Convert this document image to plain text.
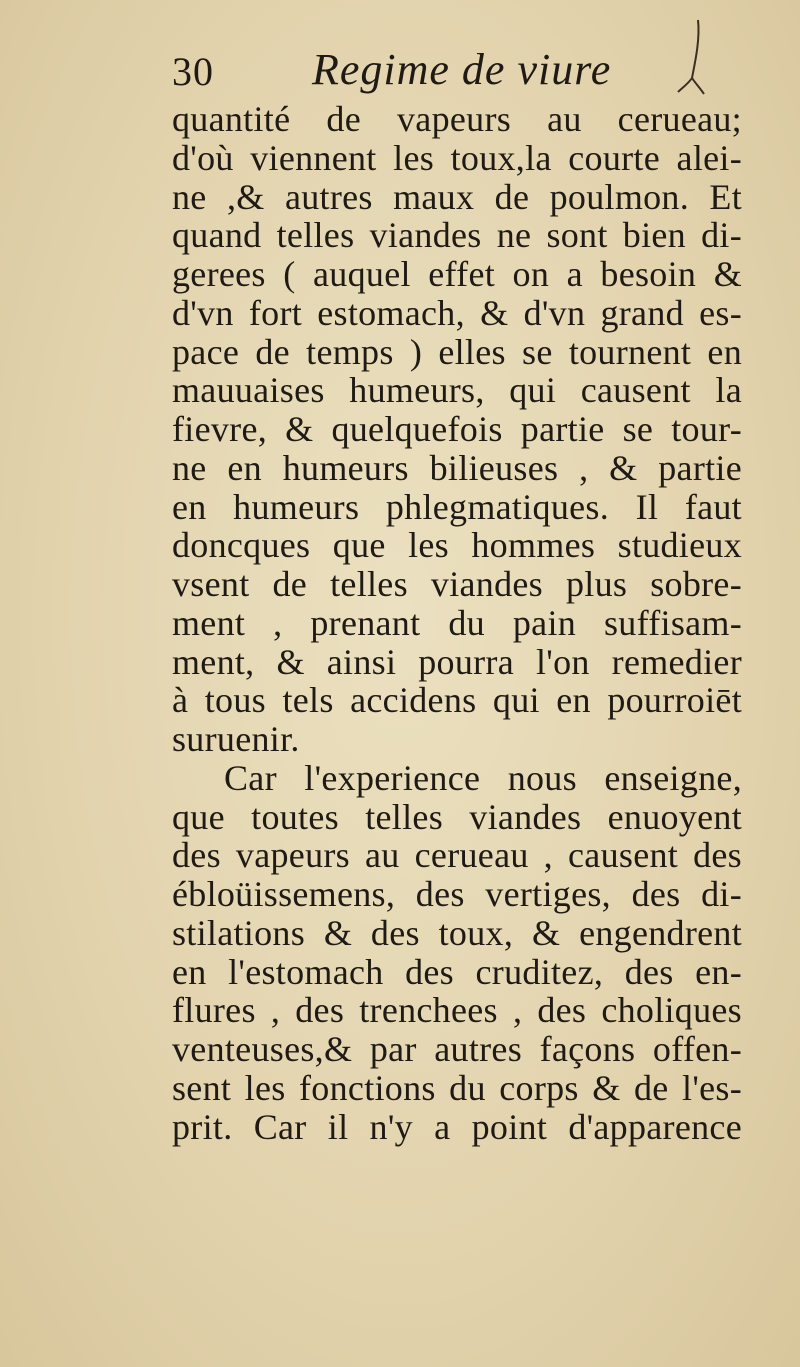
30 Regime de viure
quantité de vapeurs au cerueau;
d'où viennent les toux,la courte alei-
ne ,& autres maux de poulmon. Et
quand telles viandes ne sont bien di-
gerees ( auquel effet on a besoin &
d'vn fort estomach, & d'vn grand es-
pace de temps ) elles se tournent en
mauuaises humeurs, qui causent la
fievre, & quelquefois partie se tour-
ne en humeurs bilieuses , & partie
en humeurs phlegmatiques. Il faut
doncques que les hommes studieux
vsent de telles viandes plus sobre-
ment , prenant du pain suffisam-
ment, & ainsi pourra l'on remedier
à tous tels accidens qui en pourroiēt
suruenir.
Car l'experience nous enseigne,
que toutes telles viandes enuoyent
des vapeurs au cerueau , causent des
ébloüissemens, des vertiges, des di-
stilations & des toux, & engendrent
en l'estomach des cruditez, des en-
flures , des trenchees , des choliques
venteuses,& par autres façons offen-
sent les fonctions du corps & de l'es-
prit. Car il n'y a point d'apparence
